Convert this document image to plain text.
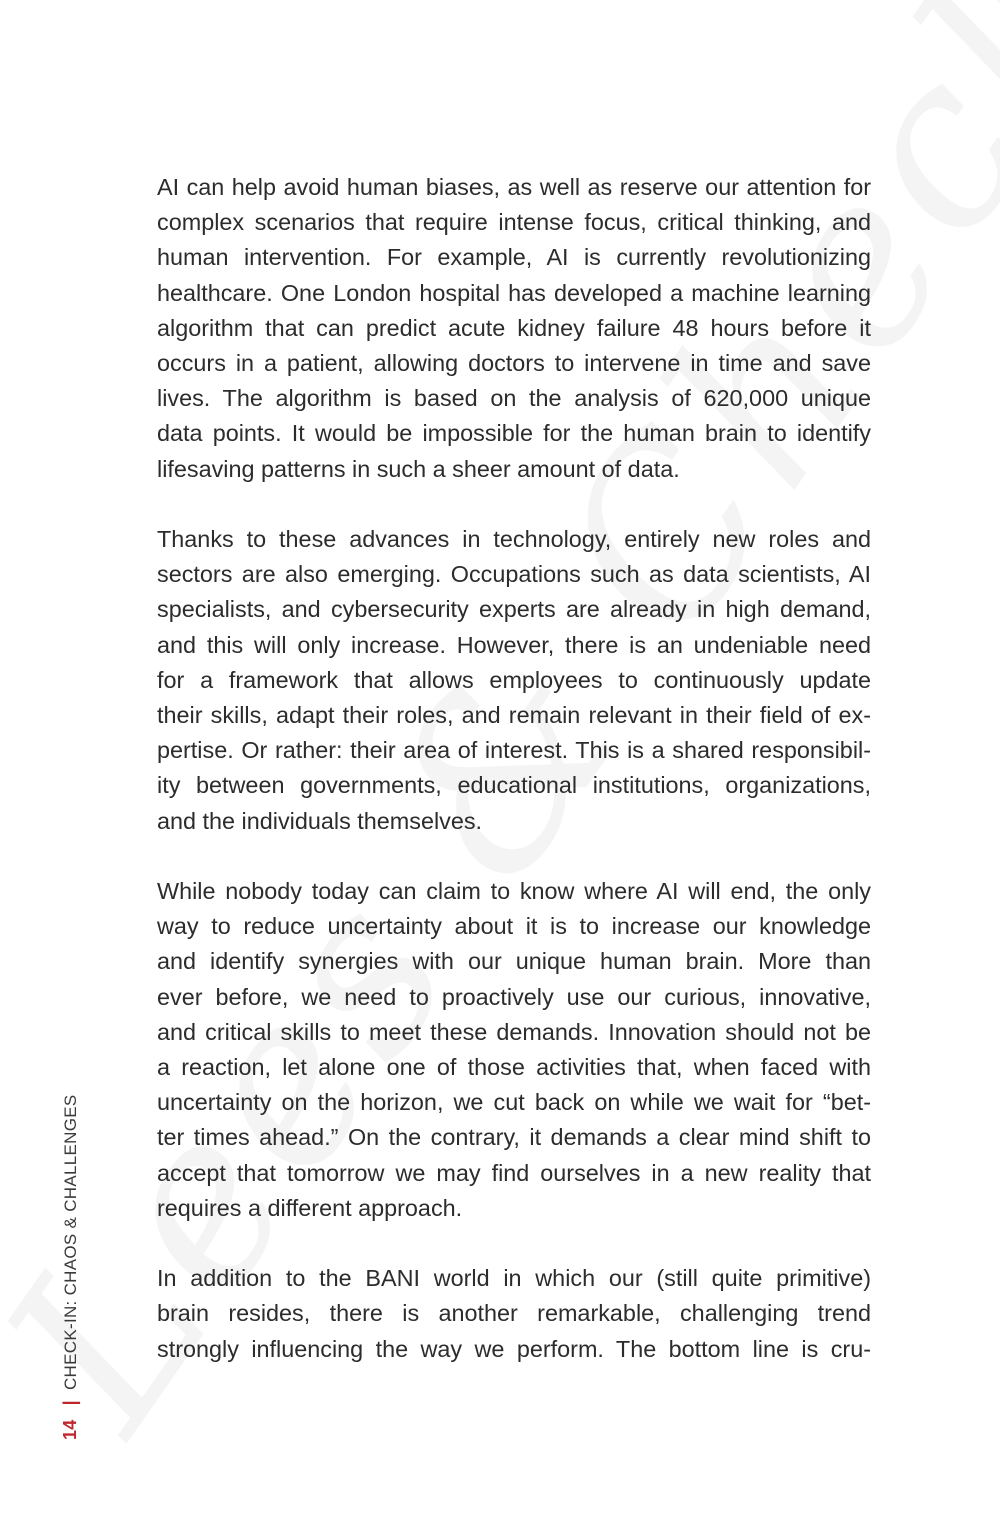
AI can help avoid human biases, as well as reserve our attention for
complex scenarios that require intense focus, critical thinking, and
human intervention. For example, AI is currently revolutionizing
healthcare. One London hospital has developed a machine learning
algorithm that can predict acute kidney failure 48 hours before it
occurs in a patient, allowing doctors to intervene in time and save
lives. The algorithm is based on the analysis of 620,000 unique
data points. It would be impossible for the human brain to identify
lifesaving patterns in such a sheer amount of data.

Thanks to these advances in technology, entirely new roles and
sectors are also emerging. Occupations such as data scientists, AI
specialists, and cybersecurity experts are already in high demand,
and this will only increase. However, there is an undeniable need
for a framework that allows employees to continuously update
their skills, adapt their roles, and remain relevant in their field of ex-
pertise. Or rather: their area of interest. This is a shared responsibil-
ity between governments, educational institutions, organizations,
and the individuals themselves.

While nobody today can claim to know where AI will end, the only
way to reduce uncertainty about it is to increase our knowledge
and identify synergies with our unique human brain. More than
ever before, we need to proactively use our curious, innovative,
and critical skills to meet these demands. Innovation should not be
a reaction, let alone one of those activities that, when faced with
uncertainty on the horizon, we cut back on while we wait for “bet-
ter times ahead.” On the contrary, it demands a clear mind shift to
accept that tomorrow we may find ourselves in a new reality that
requires a different approach.

In addition to the BANI world in which our (still quite primitive)
brain resides, there is another remarkable, challenging trend
strongly influencing the way we perform. The bottom line is cru-

14
|
CHECK-IN: CHAOS & CHALLENGES
